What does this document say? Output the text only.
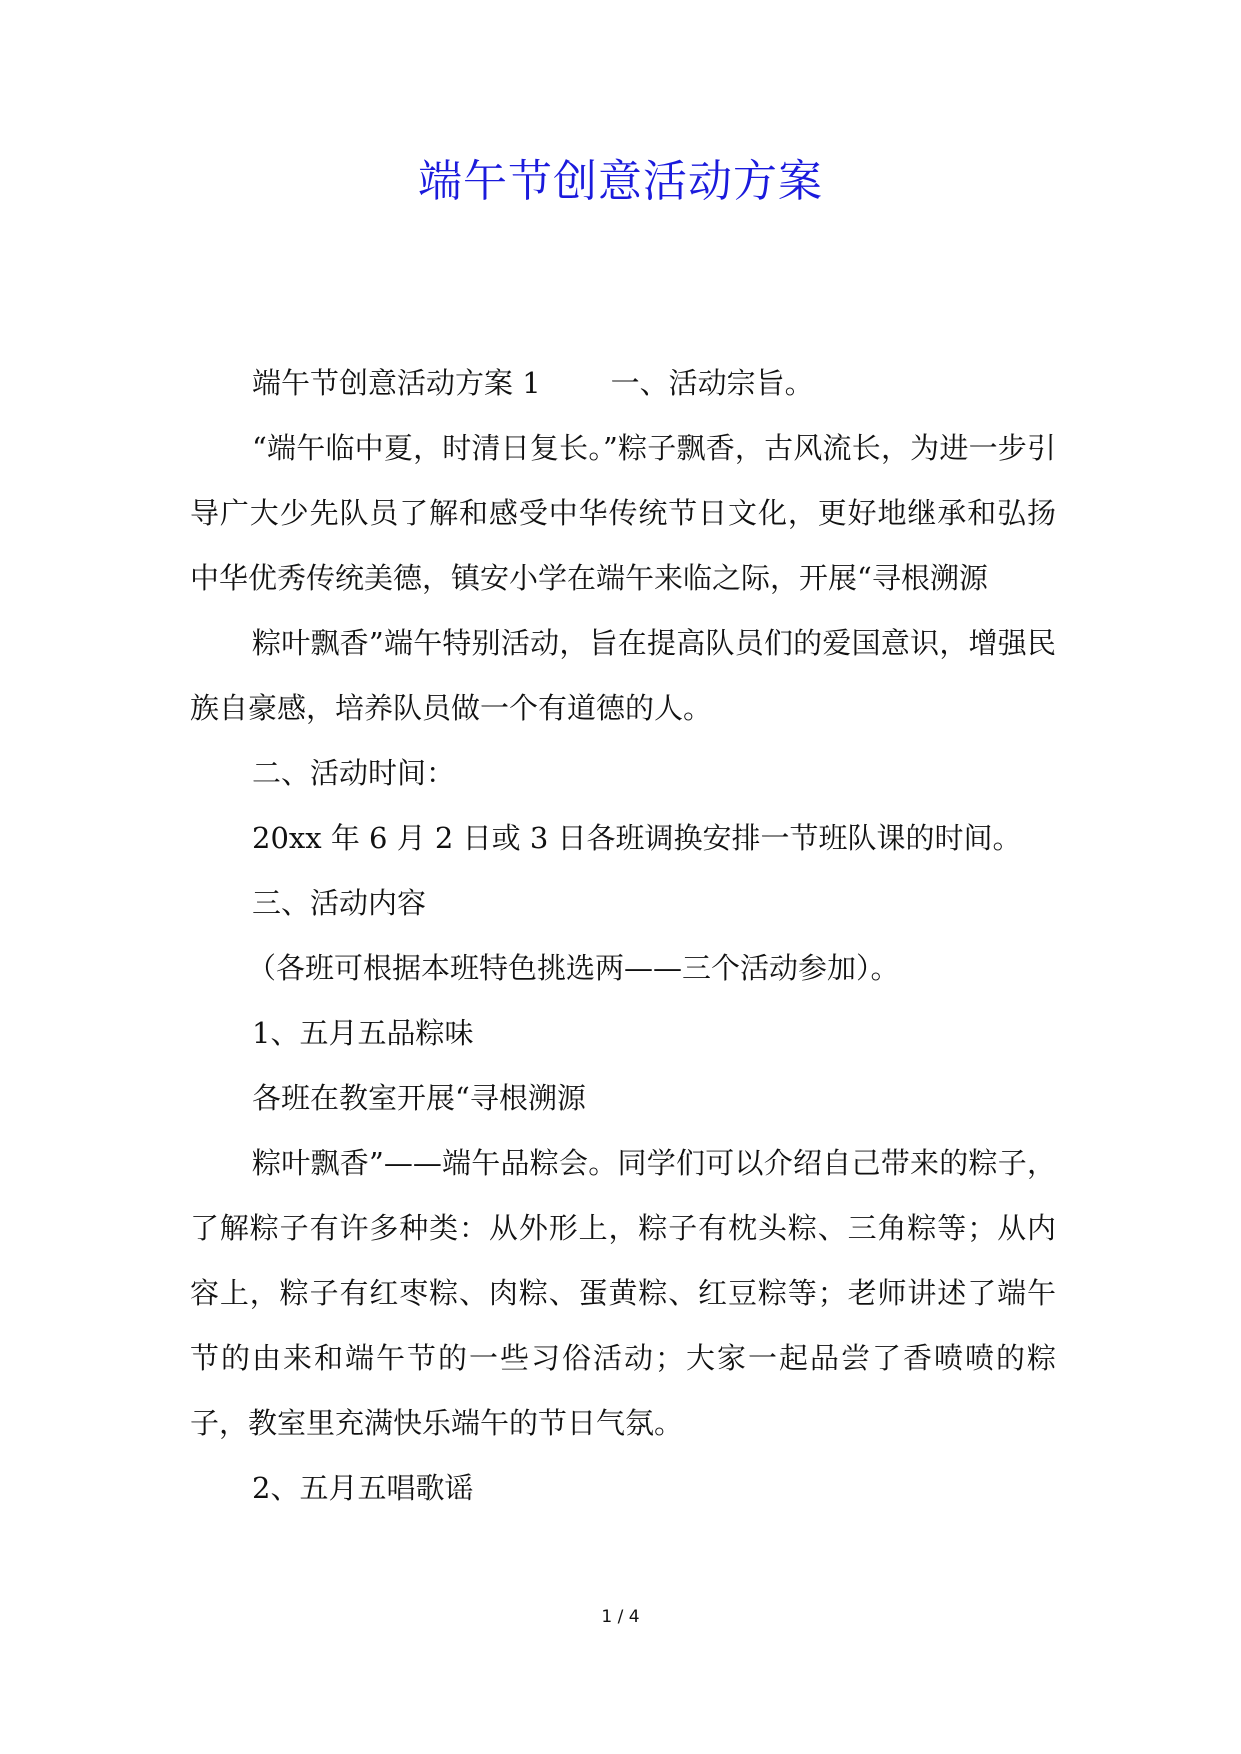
端午节创意活动方案

端午节创意活动方案 1 一、活动宗旨。

“端午临中夏，时清日复长。”粽子飘香，古风流长，为进一步引导广大少先队员了解和感受中华传统节日文化，更好地继承和弘扬中华优秀传统美德，镇安小学在端午来临之际，开展“寻根溯源

粽叶飘香”端午特别活动，旨在提高队员们的爱国意识，增强民族自豪感，培养队员做一个有道德的人。

二、活动时间：

20xx 年 6 月 2 日或 3 日各班调换安排一节班队课的时间。

三、活动内容

（各班可根据本班特色挑选两——三个活动参加）。

1、五月五品粽味

各班在教室开展“寻根溯源

粽叶飘香”——端午品粽会。同学们可以介绍自己带来的粽子，了解粽子有许多种类：从外形上，粽子有枕头粽、三角粽等；从内容上，粽子有红枣粽、肉粽、蛋黄粽、红豆粽等；老师讲述了端午节的由来和端午节的一些习俗活动；大家一起品尝了香喷喷的粽子，教室里充满快乐端午的节日气氛。

2、五月五唱歌谣

1 / 4
